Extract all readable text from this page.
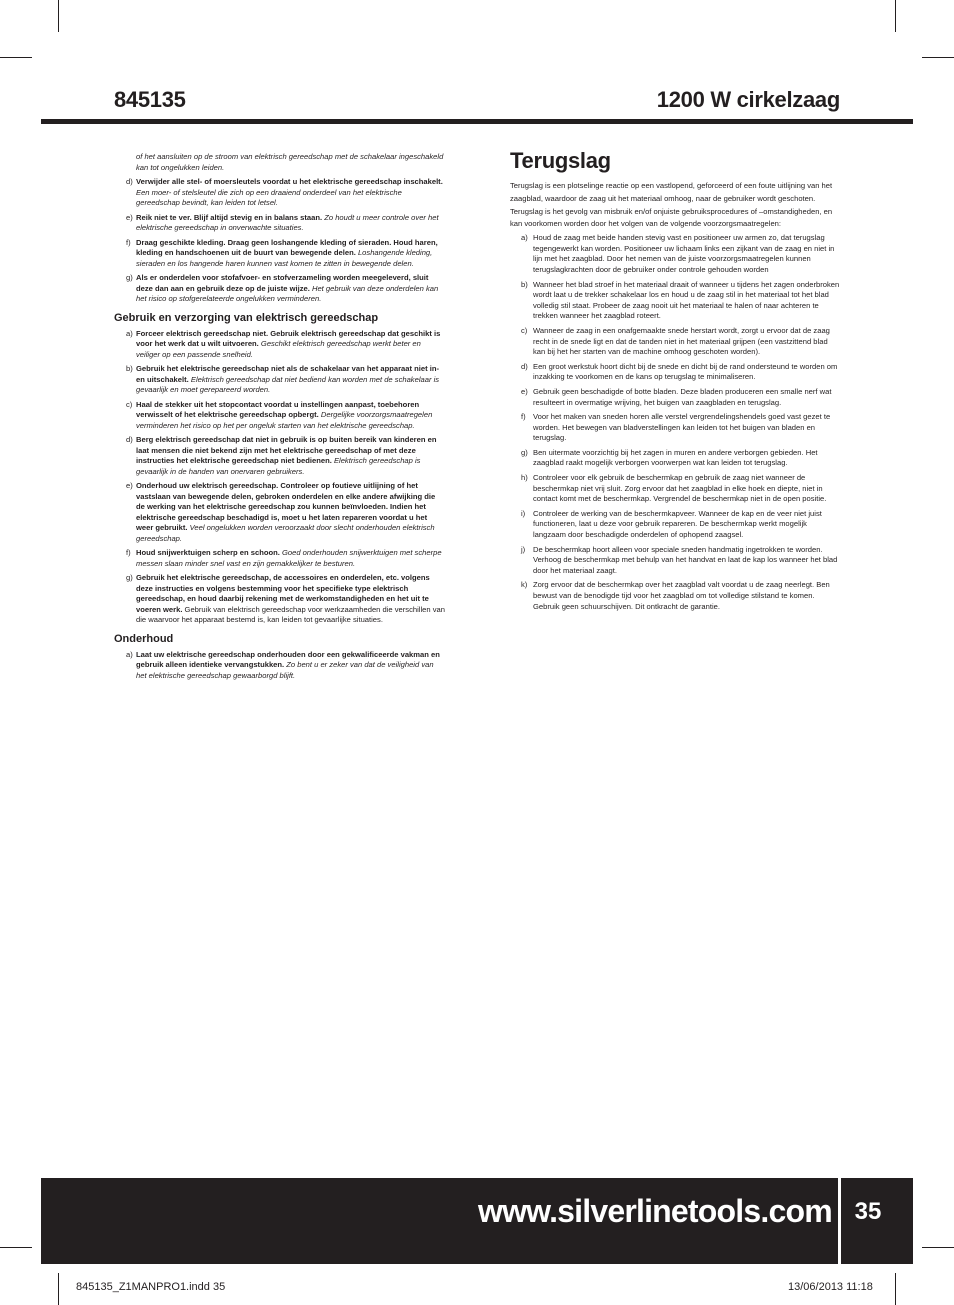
845135	1200 W cirkelzaag

of het aansluiten op de stroom van elektrisch gereedschap met de schakelaar ingeschakeld kan tot ongelukken leiden.

d) Verwijder alle stel- of moersleutels voordat u het elektrische gereedschap inschakelt. Een moer- of stelsleutel die zich op een draaiend onderdeel van het elektrische gereedschap bevindt, kan leiden tot letsel.
e) Reik niet te ver. Blijf altijd stevig en in balans staan. Zo houdt u meer controle over het elektrische gereedschap in onverwachte situaties.
f) Draag geschikte kleding. Draag geen loshangende kleding of sieraden. Houd haren, kleding en handschoenen uit de buurt van bewegende delen. Loshangende kleding, sieraden en los hangende haren kunnen vast komen te zitten in bewegende delen.
g) Als er onderdelen voor stofafvoer- en stofverzameling worden meegeleverd, sluit deze dan aan en gebruik deze op de juiste wijze. Het gebruik van deze onderdelen kan het risico op stofgerelateerde ongelukken verminderen.
Gebruik en verzorging van elektrisch gereedschap
a) Forceer elektrisch gereedschap niet. Gebruik elektrisch gereedschap dat geschikt is voor het werk dat u wilt uitvoeren. Geschikt elektrisch gereedschap werkt beter en veiliger op een passende snelheid.
b) Gebruik het elektrische gereedschap niet als de schakelaar van het apparaat niet in- en uitschakelt. Elektrisch gereedschap dat niet bediend kan worden met de schakelaar is gevaarlijk en moet gerepareerd worden.
c) Haal de stekker uit het stopcontact voordat u instellingen aanpast, toebehoren verwisselt of het elektrische gereedschap opbergt. Dergelijke voorzorgsmaatregelen verminderen het risico op het per ongeluk starten van het elektrische gereedschap.
d) Berg elektrisch gereedschap dat niet in gebruik is op buiten bereik van kinderen en laat mensen die niet bekend zijn met het elektrische gereedschap of met deze instructies het elektrische gereedschap niet bedienen. Elektrisch gereedschap is gevaarlijk in de handen van onervaren gebruikers.
e) Onderhoud uw elektrisch gereedschap. Controleer op foutieve uitlijning of het vastslaan van bewegende delen, gebroken onderdelen en elke andere afwijking die de werking van het elektrische gereedschap zou kunnen beïnvloeden. Indien het elektrische gereedschap beschadigd is, moet u het laten repareren voordat u het weer gebruikt. Veel ongelukken worden veroorzaakt door slecht onderhouden elektrisch gereedschap.
f) Houd snijwerktuigen scherp en schoon. Goed onderhouden snijwerktuigen met scherpe messen slaan minder snel vast en zijn gemakkelijker te besturen.
g) Gebruik het elektrische gereedschap, de accessoires en onderdelen, etc. volgens deze instructies en volgens bestemming voor het specifieke type elektrisch gereedschap, en houd daarbij rekening met de werkomstandigheden en het uit te voeren werk. Gebruik van elektrisch gereedschap voor werkzaamheden die verschillen van die waarvoor het apparaat bestemd is, kan leiden tot gevaarlijke situaties.
Onderhoud
a) Laat uw elektrische gereedschap onderhouden door een gekwalificeerde vakman en gebruik alleen identieke vervangstukken. Zo bent u er zeker van dat de veiligheid van het elektrische gereedschap gewaarborgd blijft.
Terugslag

Terugslag is een plotselinge reactie op een vastlopend, geforceerd of een foute uitlijning van het zaagblad, waardoor de zaag uit het materiaal omhoog, naar de gebruiker wordt geschoten. Terugslag is het gevolg van misbruik en/of onjuiste gebruiksprocedures of –omstandigheden, en kan voorkomen worden door het volgen van de volgende voorzorgsmaatregelen:

a) Houd de zaag met beide handen stevig vast en positioneer uw armen zo, dat terugslag tegengewerkt kan worden. Positioneer uw lichaam links een zijkant van de zaag en niet in lijn met het zaagblad. Door het nemen van de juiste voorzorgsmaatregelen kunnen terugslagkrachten door de gebruiker onder controle gehouden worden
b) Wanneer het blad stroef in het materiaal draait of wanneer u tijdens het zagen onderbroken wordt laat u de trekker schakelaar los en houd u de zaag stil in het materiaal tot het blad volledig stil staat. Probeer de zaag nooit uit het materiaal te halen of naar achteren te trekken wanneer het zaagblad roteert.
c) Wanneer de zaag in een onafgemaakte snede herstart wordt, zorgt u ervoor dat de zaag recht in de snede ligt en dat de tanden niet in het materiaal grijpen (een vastzittend blad kan bij het her starten van de machine omhoog geschoten worden).
d) Een groot werkstuk hoort dicht bij de snede en dicht bij de rand ondersteund te worden om inzakking te voorkomen en de kans op terugslag te minimaliseren.
e) Gebruik geen beschadigde of botte bladen. Deze bladen produceren een smalle nerf wat resulteert in overmatige wrijving, het buigen van zaagbladen en terugslag.
f) Voor het maken van sneden horen alle verstel vergrendelingshendels goed vast gezet te worden. Het bewegen van bladverstellingen kan leiden tot het buigen van bladen en terugslag.
g) Ben uitermate voorzichtig bij het zagen in muren en andere verborgen gebieden. Het zaagblad raakt mogelijk verborgen voorwerpen wat kan leiden tot terugslag.
h) Controleer voor elk gebruik de beschermkap en gebruik de zaag niet wanneer de beschermkap niet vrij sluit. Zorg ervoor dat het zaagblad in elke hoek en diepte, niet in contact komt met de beschermkap. Vergrendel de beschermkap niet in de open positie.
i) Controleer de werking van de beschermkapveer. Wanneer de kap en de veer niet juist functioneren, laat u deze voor gebruik repareren. De beschermkap werkt mogelijk langzaam door beschadigde onderdelen of ophopend zaagsel.
j) De beschermkap hoort alleen voor speciale sneden handmatig ingetrokken te worden. Verhoog de beschermkap met behulp van het handvat en laat de kap los wanneer het blad door het materiaal zaagt.
k) Zorg ervoor dat de beschermkap over het zaagblad valt voordat u de zaag neerlegt. Ben bewust van de benodigde tijd voor het zaagblad om tot volledige stilstand te komen. Gebruik geen schuurschijven. Dit ontkracht de garantie.
www.silverlinetools.com 35
845135_Z1MANPRO1.indd 35	13/06/2013 11:18
